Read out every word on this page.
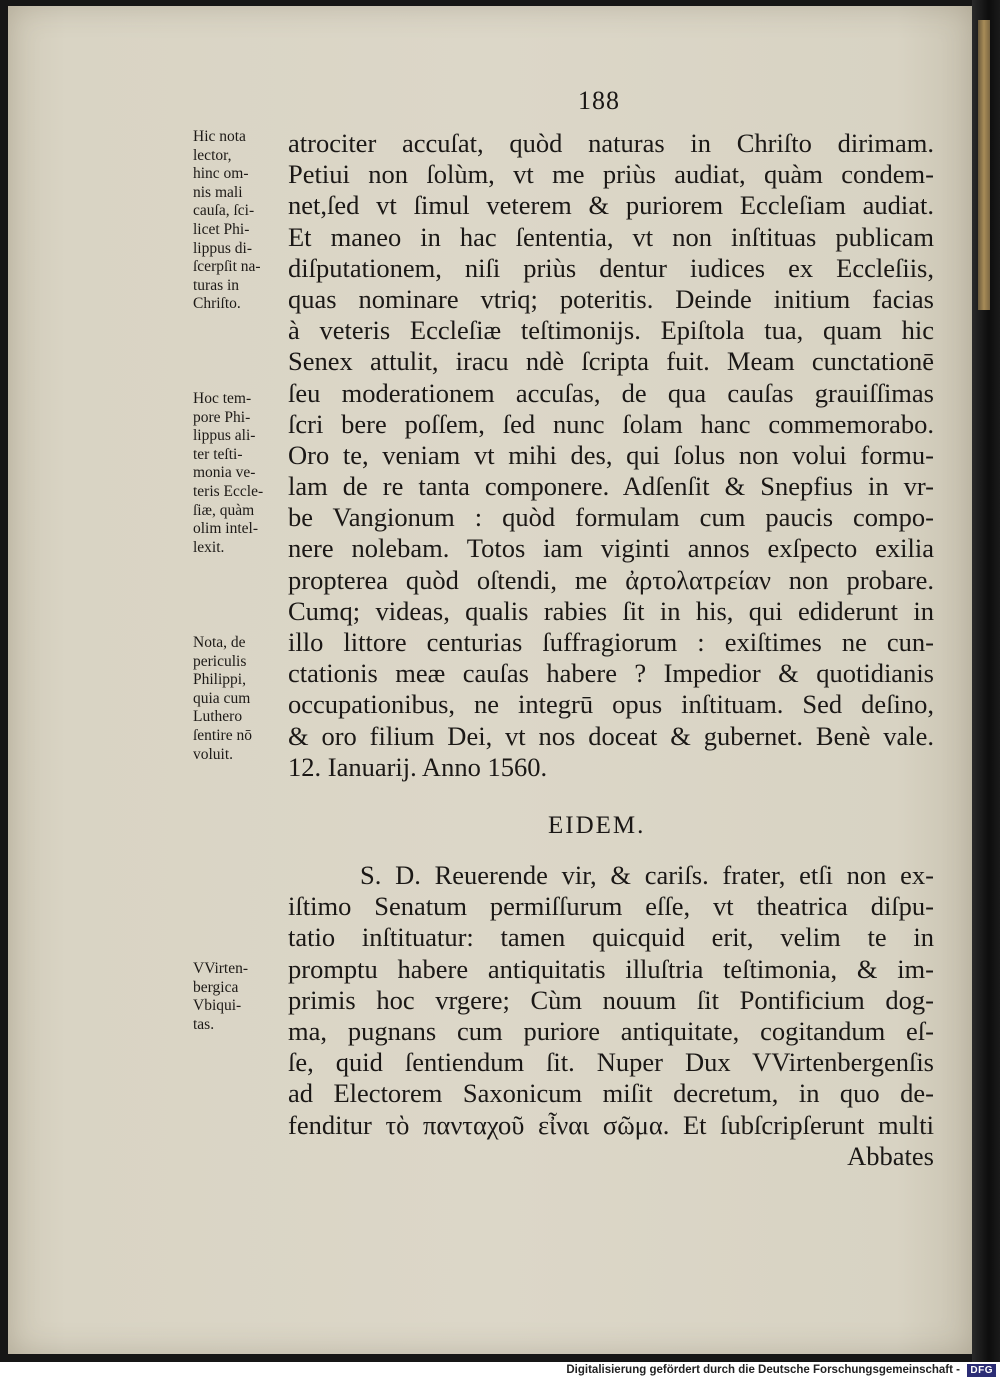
188
atrociter accuſat, quòd naturas in Chriſto dirimam.
Petiui non ſolùm, vt me priùs audiat, quàm condem-
net,ſed vt ſimul veterem & puriorem Eccleſiam audiat.
Et maneo in hac ſententia, vt non inſtituas publicam
diſputationem, niſi priùs dentur iudices ex Eccleſiis,
quas nominare vtriq; poteritis. Deinde initium facias
à veteris Eccleſiæ teſtimonijs. Epiſtola tua, quam hic
Senex attulit, iracu ndè ſcripta fuit. Meam cunctationē
ſeu moderationem accuſas, de qua cauſas grauiſſimas
ſcri bere poſſem, ſed nunc ſolam hanc commemorabo.
Oro te, veniam vt mihi des, qui ſolus non volui formu-
lam de re tanta componere. Adſenſit & Snepfius in vr-
be Vangionum : quòd formulam cum paucis compo-
nere nolebam. Totos iam viginti annos exſpecto exilia
propterea quòd oſtendi, me ἀρτολατρείαν non probare.
Cumq; videas, qualis rabies ſit in his, qui ediderunt in
illo littore centurias ſuffragiorum : exiſtimes ne cun-
ctationis meæ cauſas habere ? Impedior & quotidianis
occupationibus, ne integrū opus inſtituam. Sed deſino,
& oro filium Dei, vt nos doceat & gubernet. Benè vale.
12. Ianuarij. Anno 1560.
EIDEM.
S. D. Reuerende vir, & cariſs. frater, etſi non ex-
iſtimo Senatum permiſſurum eſſe, vt theatrica diſpu-
tatio inſtituatur: tamen quicquid erit, velim te in
promptu habere antiquitatis illuſtria teſtimonia, & im-
primis hoc vrgere; Cùm nouum ſit Pontificium dog-
ma, pugnans cum puriore antiquitate, cogitandum eſ-
ſe, quid ſentiendum ſit. Nuper Dux VVirtenbergenſis
ad Electorem Saxonicum miſit decretum, in quo de-
fenditur τὸ πανταχοῦ εἶναι σῶμα. Et ſubſcripſerunt multi
Abbates
Hic nota
lector,
hinc om-
nis mali
cauſa, ſci-
licet Phi-
lippus di-
ſcerpſit na-
turas in
Chriſto.
Hoc tem-
pore Phi-
lippus ali-
ter teſti-
monia ve-
teris Eccle-
ſiæ, quàm
olim intel-
lexit.
Nota, de
periculis
Philippi,
quia cum
Luthero
ſentire nō
voluit.
VVirten-
bergica
Vbiqui-
tas.
Digitalisierung gefördert durch die Deutsche Forschungsgemeinschaft -	DFG
